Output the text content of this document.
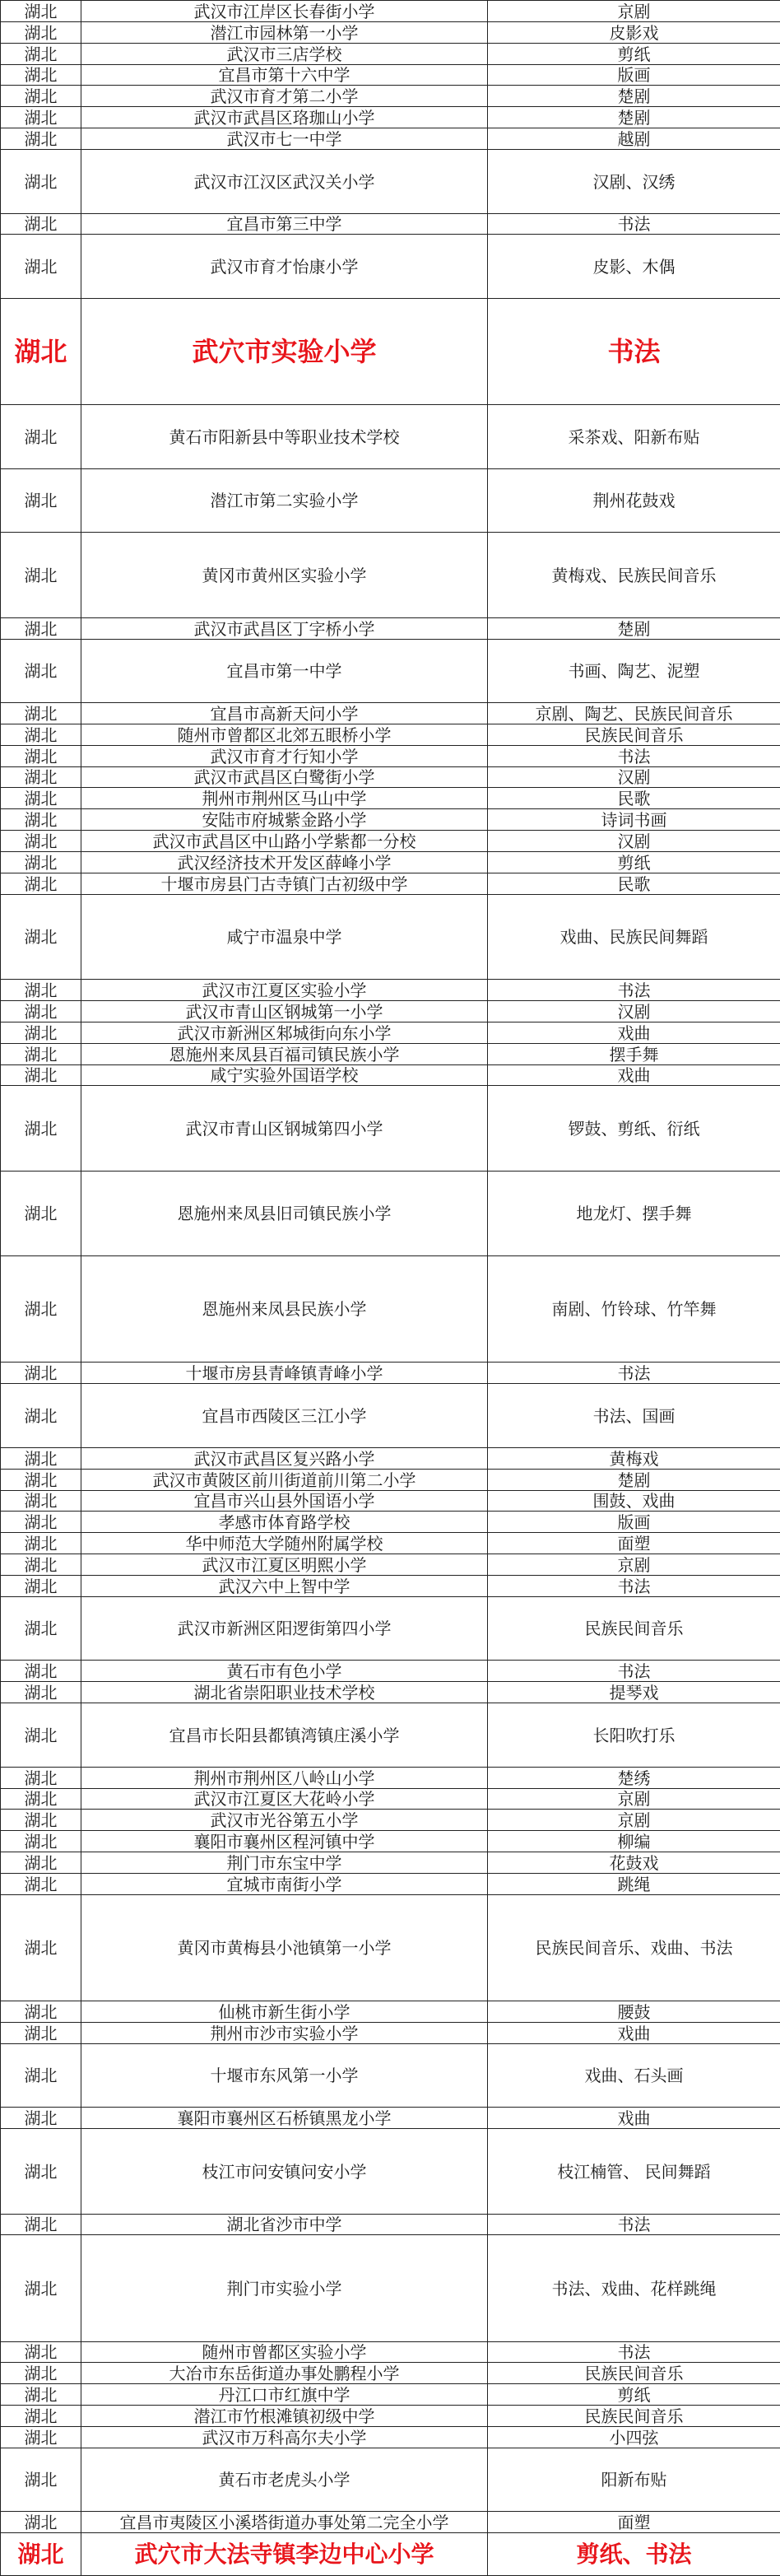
湖北	武汉市江岸区长春街小学	京剧
湖北	潜江市园林第一小学	皮影戏
湖北	武汉市三店学校	剪纸
湖北	宜昌市第十六中学	版画
湖北	武汉市育才第二小学	楚剧
湖北	武汉市武昌区珞珈山小学	楚剧
湖北	武汉市七一中学	越剧
湖北	武汉市江汉区武汉关小学	汉剧、汉绣
湖北	宜昌市第三中学	书法
湖北	武汉市育才怡康小学	皮影、木偶
湖北	武穴市实验小学	书法
湖北	黄石市阳新县中等职业技术学校	采茶戏、阳新布贴
湖北	潜江市第二实验小学	荆州花鼓戏
湖北	黄冈市黄州区实验小学	黄梅戏、民族民间音乐
湖北	武汉市武昌区丁字桥小学	楚剧
湖北	宜昌市第一中学	书画、陶艺、泥塑
湖北	宜昌市高新天问小学	京剧、陶艺、民族民间音乐
湖北	随州市曾都区北郊五眼桥小学	民族民间音乐
湖北	武汉市育才行知小学	书法
湖北	武汉市武昌区白鹭街小学	汉剧
湖北	荆州市荆州区马山中学	民歌
湖北	安陆市府城紫金路小学	诗词书画
湖北	武汉市武昌区中山路小学紫都一分校	汉剧
湖北	武汉经济技术开发区薛峰小学	剪纸
湖北	十堰市房县门古寺镇门古初级中学	民歌
湖北	咸宁市温泉中学	戏曲、民族民间舞蹈
湖北	武汉市江夏区实验小学	书法
湖北	武汉市青山区钢城第一小学	汉剧
湖北	武汉市新洲区邾城街向东小学	戏曲
湖北	恩施州来凤县百福司镇民族小学	摆手舞
湖北	咸宁实验外国语学校	戏曲
湖北	武汉市青山区钢城第四小学	锣鼓、剪纸、衍纸
湖北	恩施州来凤县旧司镇民族小学	地龙灯、摆手舞
湖北	恩施州来凤县民族小学	南剧、竹铃球、竹竿舞
湖北	十堰市房县青峰镇青峰小学	书法
湖北	宜昌市西陵区三江小学	书法、国画
湖北	武汉市武昌区复兴路小学	黄梅戏
湖北	武汉市黄陂区前川街道前川第二小学	楚剧
湖北	宜昌市兴山县外国语小学	围鼓、戏曲
湖北	孝感市体育路学校	版画
湖北	华中师范大学随州附属学校	面塑
湖北	武汉市江夏区明熙小学	京剧
湖北	武汉六中上智中学	书法
湖北	武汉市新洲区阳逻街第四小学	民族民间音乐
湖北	黄石市有色小学	书法
湖北	湖北省崇阳职业技术学校	提琴戏
湖北	宜昌市长阳县都镇湾镇庄溪小学	长阳吹打乐
湖北	荆州市荆州区八岭山小学	楚绣
湖北	武汉市江夏区大花岭小学	京剧
湖北	武汉市光谷第五小学	京剧
湖北	襄阳市襄州区程河镇中学	柳编
湖北	荆门市东宝中学	花鼓戏
湖北	宜城市南街小学	跳绳
湖北	黄冈市黄梅县小池镇第一小学	民族民间音乐、戏曲、书法
湖北	仙桃市新生街小学	腰鼓
湖北	荆州市沙市实验小学	戏曲
湖北	十堰市东风第一小学	戏曲、石头画
湖北	襄阳市襄州区石桥镇黑龙小学	戏曲
湖北	枝江市问安镇问安小学	枝江楠管、 民间舞蹈
湖北	湖北省沙市中学	书法
湖北	荆门市实验小学	书法、戏曲、花样跳绳
湖北	随州市曾都区实验小学	书法
湖北	大冶市东岳街道办事处鹏程小学	民族民间音乐
湖北	丹江口市红旗中学	剪纸
湖北	潜江市竹根滩镇初级中学	民族民间音乐
湖北	武汉市万科高尔夫小学	小四弦
湖北	黄石市老虎头小学	阳新布贴
湖北	宜昌市夷陵区小溪塔街道办事处第二完全小学	面塑
湖北	武穴市大法寺镇李边中心小学	剪纸、书法
